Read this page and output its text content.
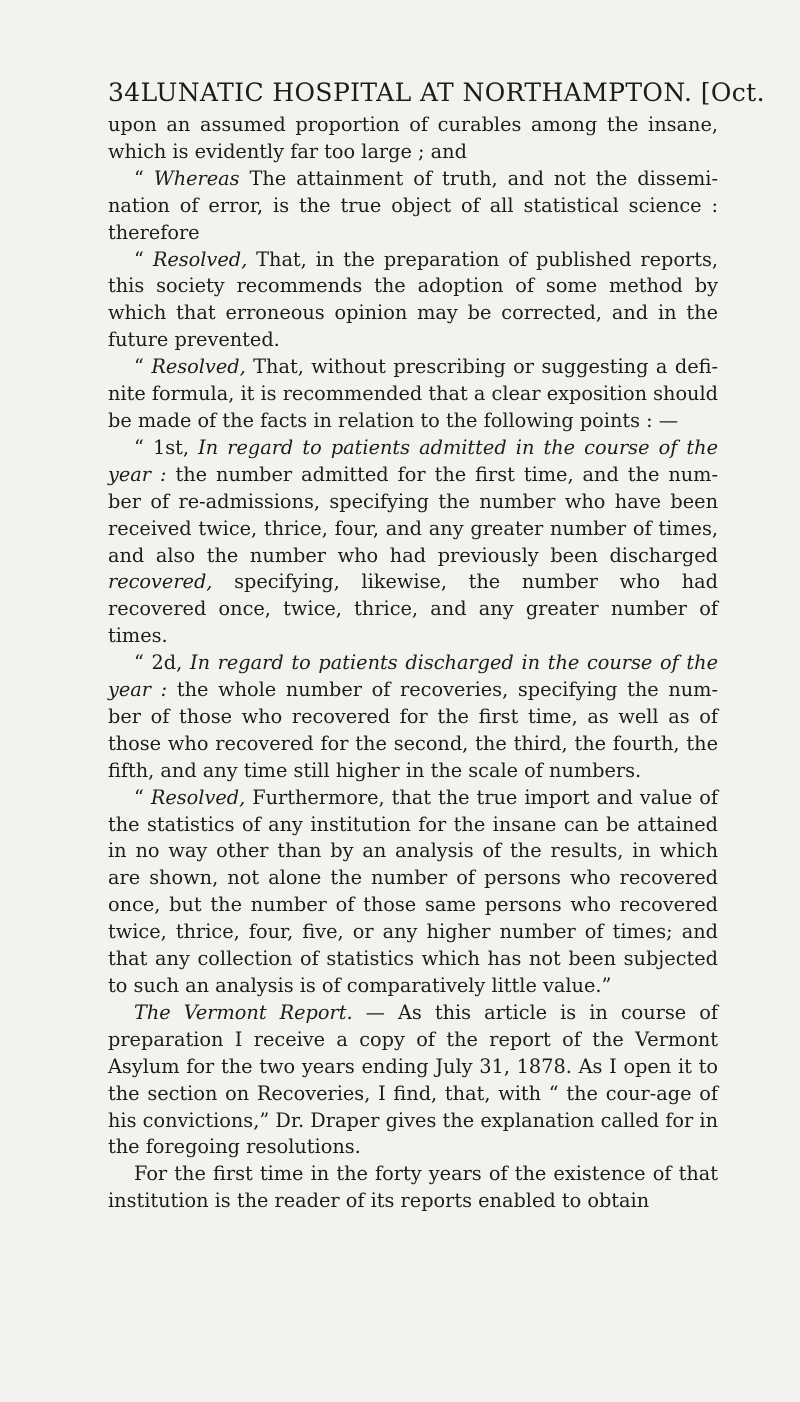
34LUNATIC HOSPITAL AT NORTHAMPTON. [Oct.

upon an assumed proportion of curables among the insane, which is evidently far too large ; and

“ Whereas The attainment of truth, and not the dissemi-nation of error, is the true object of all statistical science : therefore

“ Resolved, That, in the preparation of published reports, this society recommends the adoption of some method by which that erroneous opinion may be corrected, and in the future prevented.

“ Resolved, That, without prescribing or suggesting a defi-nite formula, it is recommended that a clear exposition should be made of the facts in relation to the following points : —

“ 1st, In regard to patients admitted in the course of the year : the number admitted for the first time, and the num-ber of re-admissions, specifying the number who have been received twice, thrice, four, and any greater number of times, and also the number who had previously been discharged recovered, specifying, likewise, the number who had recovered once, twice, thrice, and any greater number of times.

“ 2d, In regard to patients discharged in the course of the year : the whole number of recoveries, specifying the num-ber of those who recovered for the first time, as well as of those who recovered for the second, the third, the fourth, the fifth, and any time still higher in the scale of numbers.

“ Resolved, Furthermore, that the true import and value of the statistics of any institution for the insane can be attained in no way other than by an analysis of the results, in which are shown, not alone the number of persons who recovered once, but the number of those same persons who recovered twice, thrice, four, five, or any higher number of times; and that any collection of statistics which has not been subjected to such an analysis is of comparatively little value.”

The Vermont Report. — As this article is in course of preparation I receive a copy of the report of the Vermont Asylum for the two years ending July 31, 1878. As I open it to the section on Recoveries, I find, that, with “ the cour-age of his convictions,” Dr. Draper gives the explanation called for in the foregoing resolutions.

For the first time in the forty years of the existence of that institution is the reader of its reports enabled to obtain
